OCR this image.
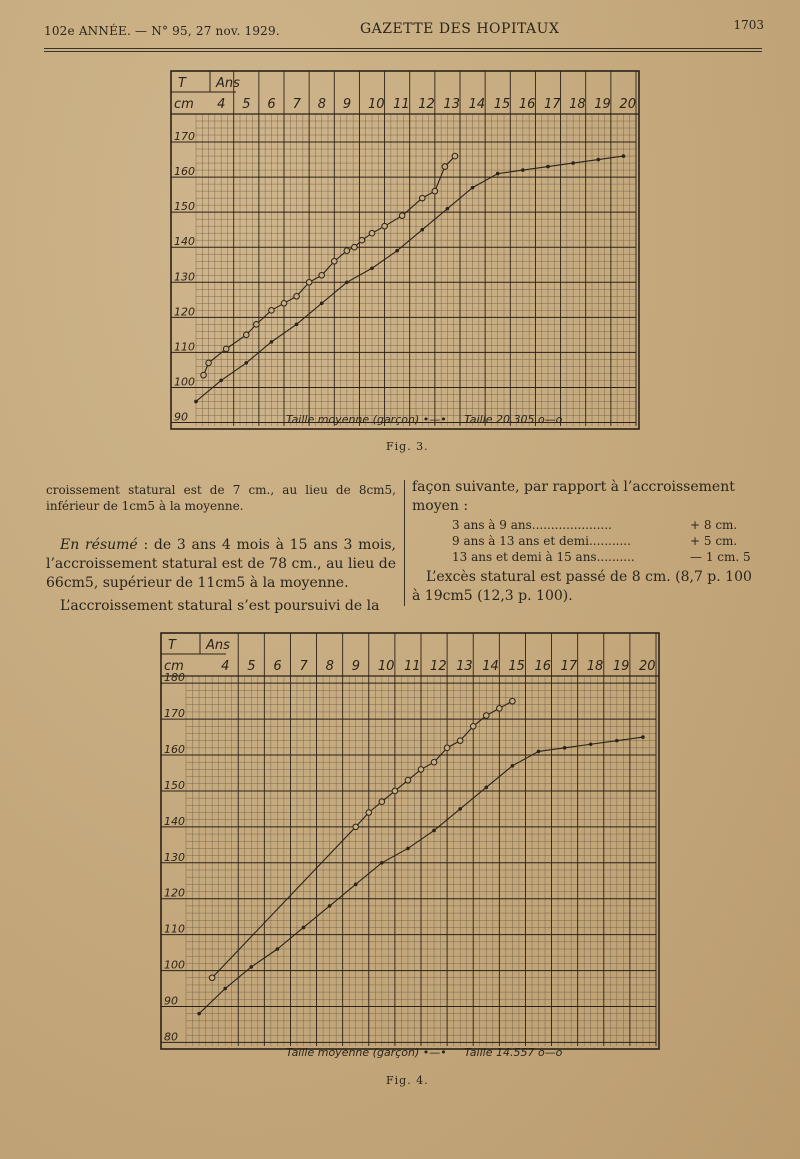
102e ANNÉE. — N° 95, 27 nov. 1929.	GAZETTE DES HOPITAUX	1703
90
100
110
120
130
140
150
160
170
4 5 6 7 8 9 10 11 12 13 14 15 16 17 18 19 20
T Ans
cm
Taille moyenne (garçon) •—• Taille 20.305 o—o
Fig. 3.

croissement statural est de 7 cm., au lieu de 8cm5, inférieur de 1cm5 à la moyenne.

En résumé : de 3 ans 4 mois à 15 ans 3 mois, l’accroissement statural est de 78 cm., au lieu de 66cm5, supérieur de 11cm5 à la moyenne.

L’accroissement statural s’est poursuivi de la

façon suivante, par rapport à l’accroissement moyen :

3 ans à 9 ans.....................	+ 8 cm.
9 ans à 13 ans et demi...........	+ 5 cm.
13 ans et demi à 15 ans..........	— 1 cm. 5

L’excès statural est passé de 8 cm. (8,7 p. 100 à 19cm5 (12,3 p. 100).

80
90
100
110
120
130
140
150
160
170
180
4 5 6 7 8 9 10 11 12 13 14 15 16 17 18 19 20
T Ans
cm
Taille moyenne (garçon) •—• Taille 14.557 o—o
Fig. 4.
